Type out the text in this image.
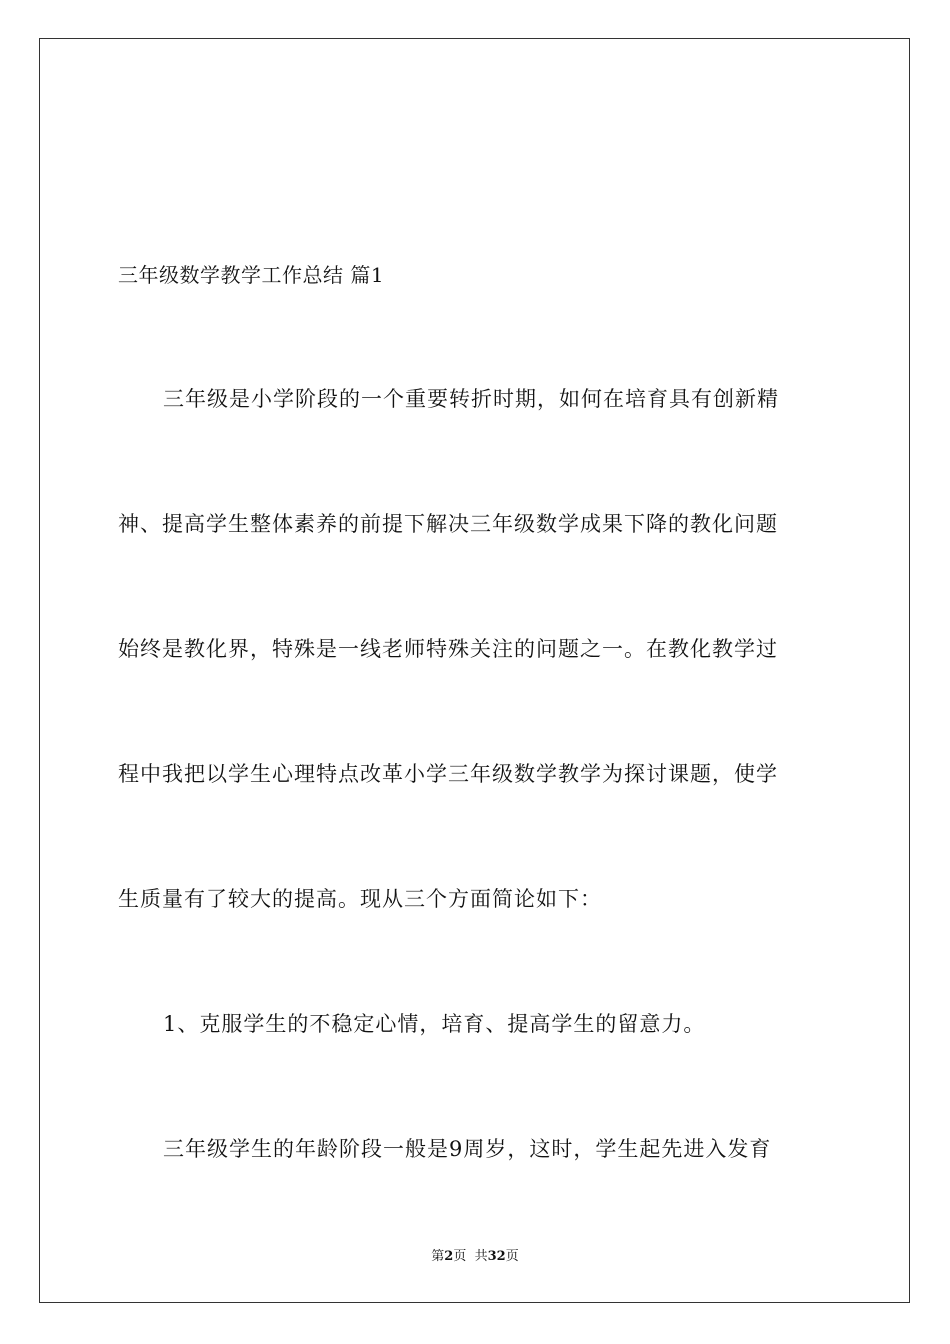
三年级数学教学工作总结 篇1
三年级是小学阶段的一个重要转折时期，如何在培育具有创新精
神、提高学生整体素养的前提下解决三年级数学成果下降的教化问题
始终是教化界，特殊是一线老师特殊关注的问题之一。在教化教学过
程中我把以学生心理特点改革小学三年级数学教学为探讨课题，使学
生质量有了较大的提高。现从三个方面简论如下：
1、克服学生的不稳定心情，培育、提高学生的留意力。
三年级学生的年龄阶段一般是9周岁，这时，学生起先进入发育
第2页  共32页
